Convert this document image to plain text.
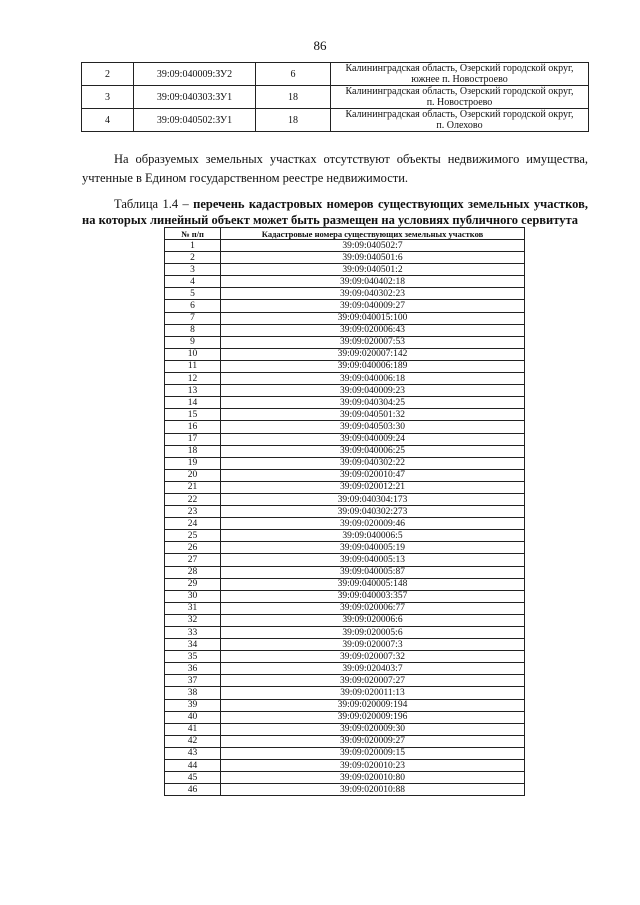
86
2	39:09:040009:ЗУ2	6	Калининградская область, Озерский городской округ,
южнее п. Новостроево

3	39:09:040303:ЗУ1	18	Калининградская область, Озерский городской округ,
п. Новостроево

4	39:09:040502:ЗУ1	18	Калининградская область, Озерский городской округ,
п. Олехово
На образуемых земельных участках отсутствуют объекты недвижимого имущества, учтенные в Едином государственном реестре недвижимости.
Таблица 1.4 – перечень кадастровых номеров существующих земельных участков, на которых линейный объект может быть размещен на условиях публичного сервитута
№ п/п	Кадастровые номера существующих земельных участков
1	39:09:040502:7
2	39:09:040501:6
3	39:09:040501:2
4	39:09:040402:18
5	39:09:040302:23
6	39:09:040009:27
7	39:09:040015:100
8	39:09:020006:43
9	39:09:020007:53
10	39:09:020007:142
11	39:09:040006:189
12	39:09:040006:18
13	39:09:040009:23
14	39:09:040304:25
15	39:09:040501:32
16	39:09:040503:30
17	39:09:040009:24
18	39:09:040006:25
19	39:09:040302:22
20	39:09:020010:47
21	39:09:020012:21
22	39:09:040304:173
23	39:09:040302:273
24	39:09:020009:46
25	39:09:040006:5
26	39:09:040005:19
27	39:09:040005:13
28	39:09:040005:87
29	39:09:040005:148
30	39:09:040003:357
31	39:09:020006:77
32	39:09:020006:6
33	39:09:020005:6
34	39:09:020007:3
35	39:09:020007:32
36	39:09:020403:7
37	39:09:020007:27
38	39:09:020011:13
39	39:09:020009:194
40	39:09:020009:196
41	39:09:020009:30
42	39:09:020009:27
43	39:09:020009:15
44	39:09:020010:23
45	39:09:020010:80
46	39:09:020010:88
